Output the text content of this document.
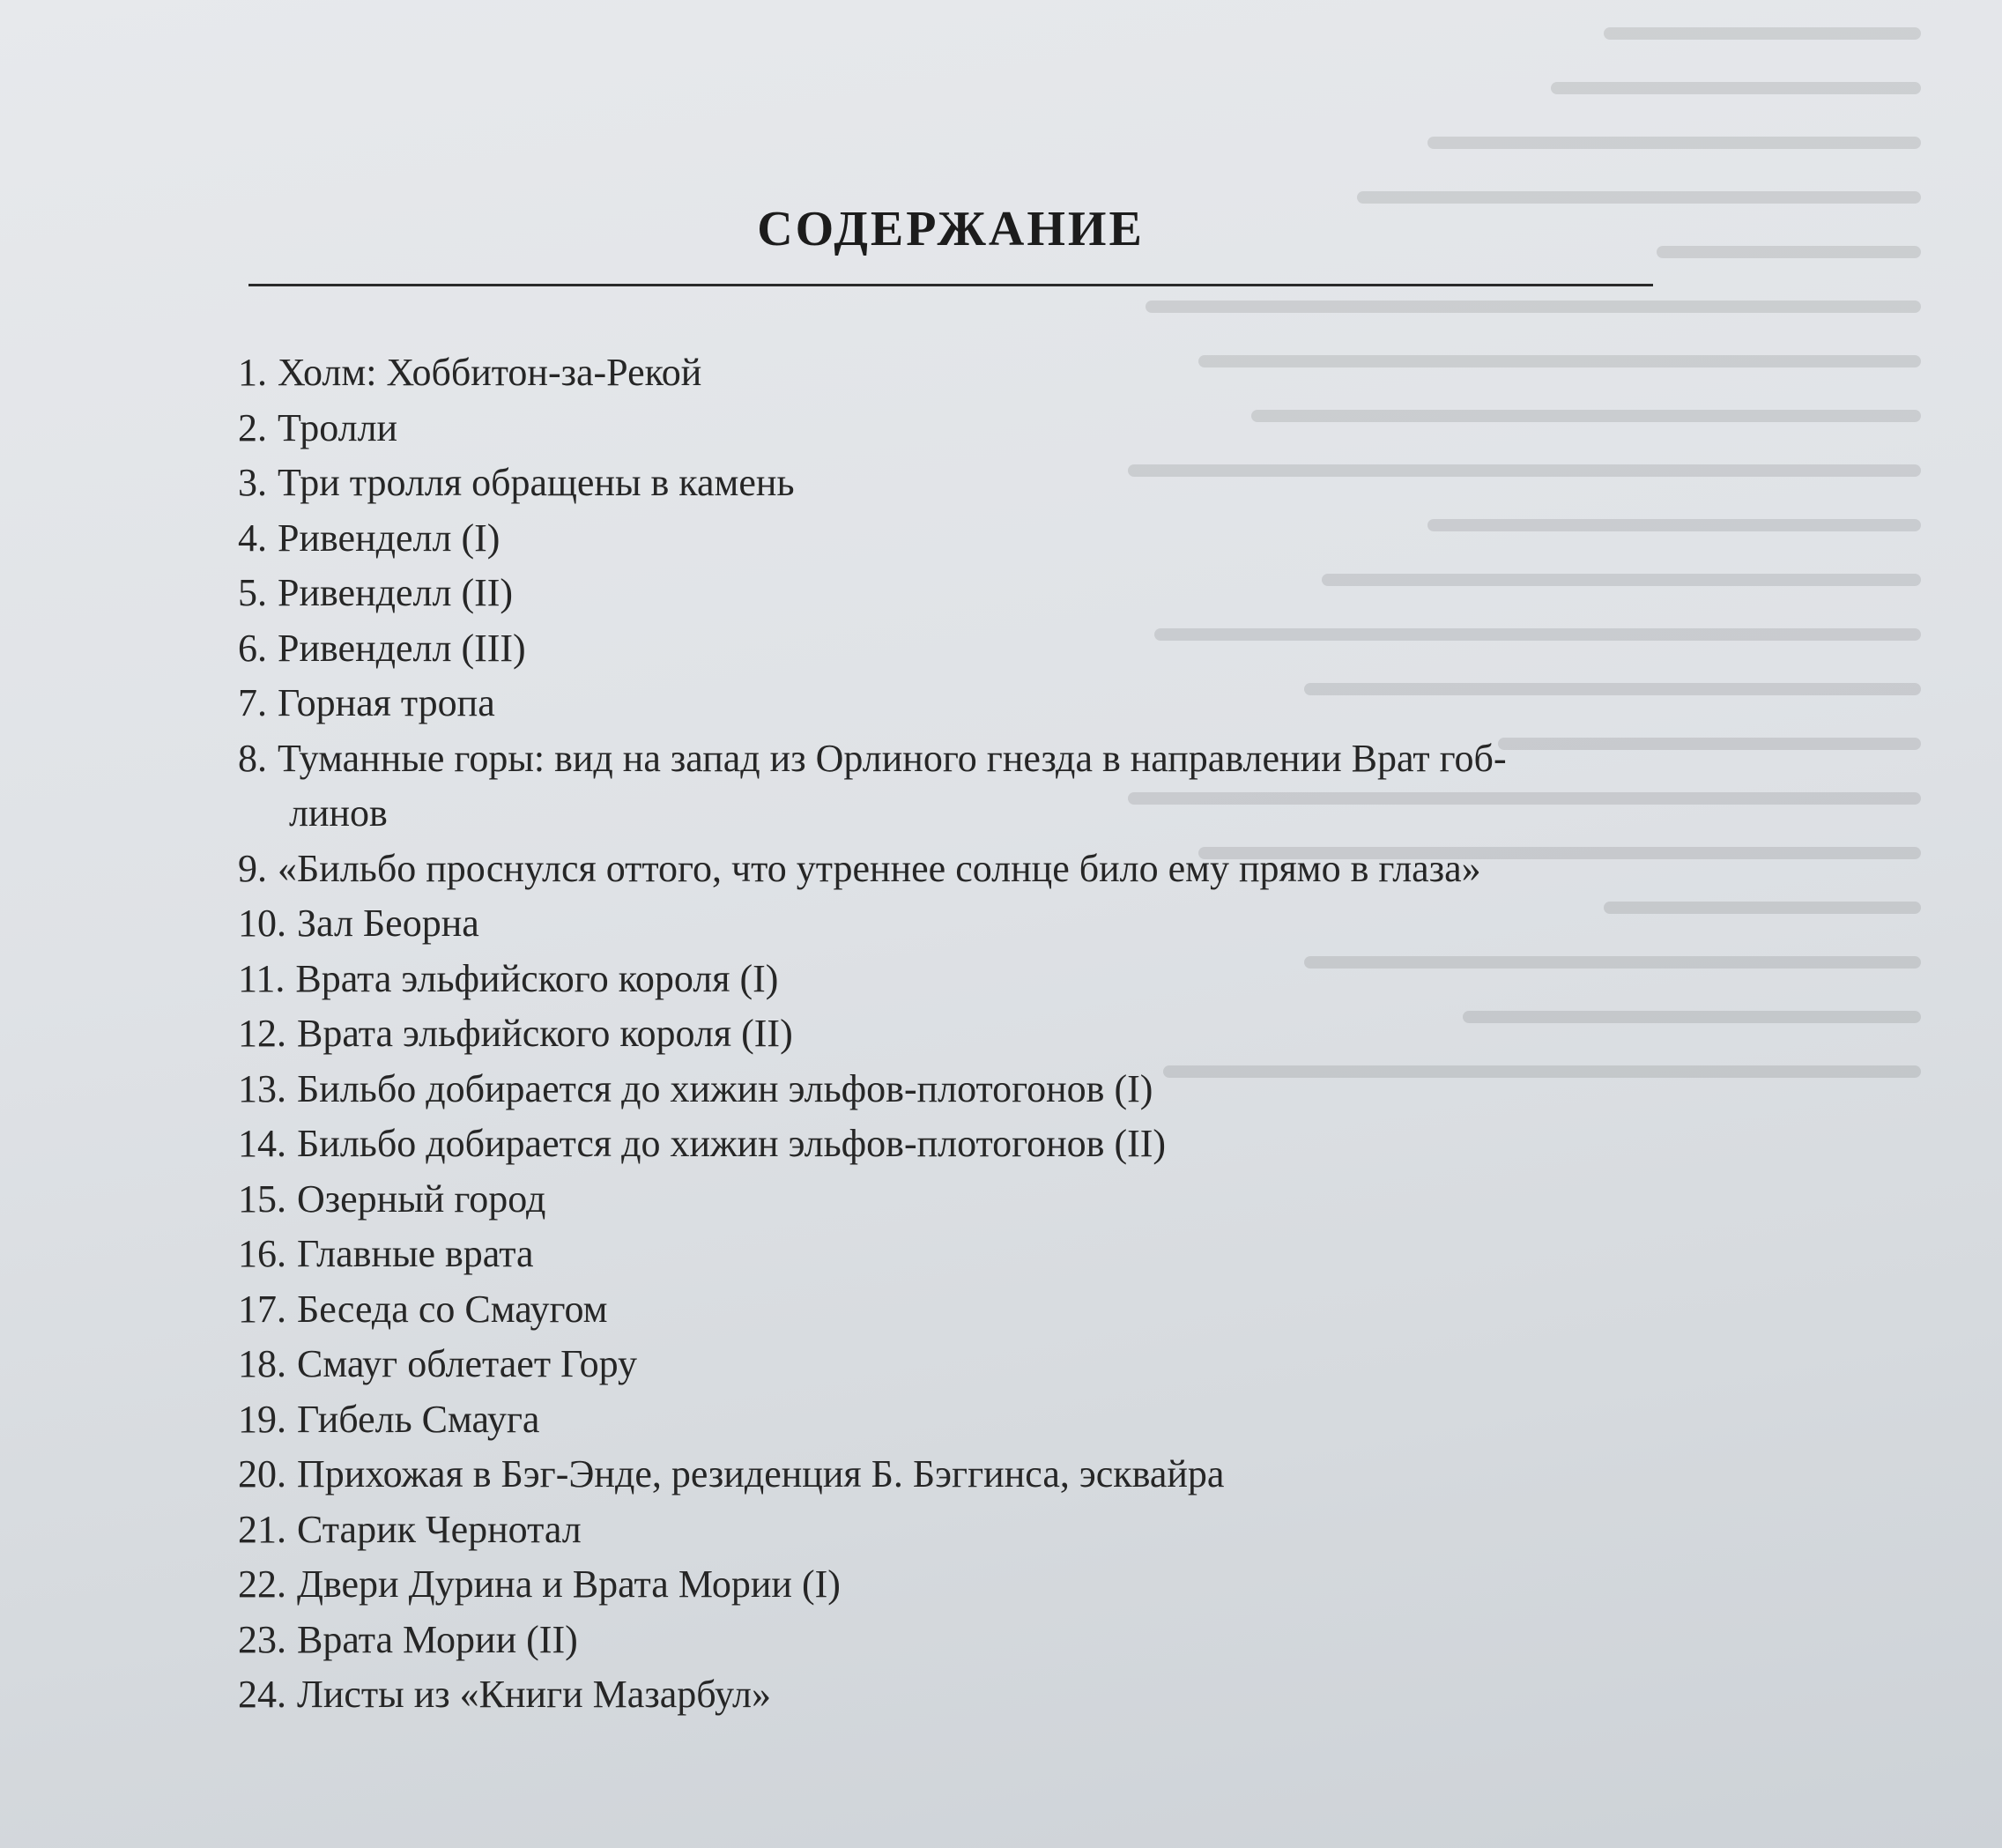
СОДЕРЖАНИЕ
1. Холм: Хоббитон-за-Рекой
2. Тролли
3. Три тролля обращены в камень
4. Ривенделл (I)
5. Ривенделл (II)
6. Ривенделл (III)
7. Горная тропа
8. Туманные горы: вид на запад из Орлиного гнезда в направлении Врат гоб-
линов
9. «Бильбо проснулся оттого, что утреннее солнце било ему прямо в глаза»
10. Зал Беорна
11. Врата эльфийского короля (I)
12. Врата эльфийского короля (II)
13. Бильбо добирается до хижин эльфов-плотогонов (I)
14. Бильбо добирается до хижин эльфов-плотогонов (II)
15. Озерный город
16. Главные врата
17. Беседа со Смаугом
18. Смауг облетает Гору
19. Гибель Смауга
20. Прихожая в Бэг-Энде, резиденция Б. Бэггинса, эсквайра
21. Старик Чернотал
22. Двери Дурина и Врата Мории (I)
23. Врата Мории (II)
24. Листы из «Книги Мазарбул»
